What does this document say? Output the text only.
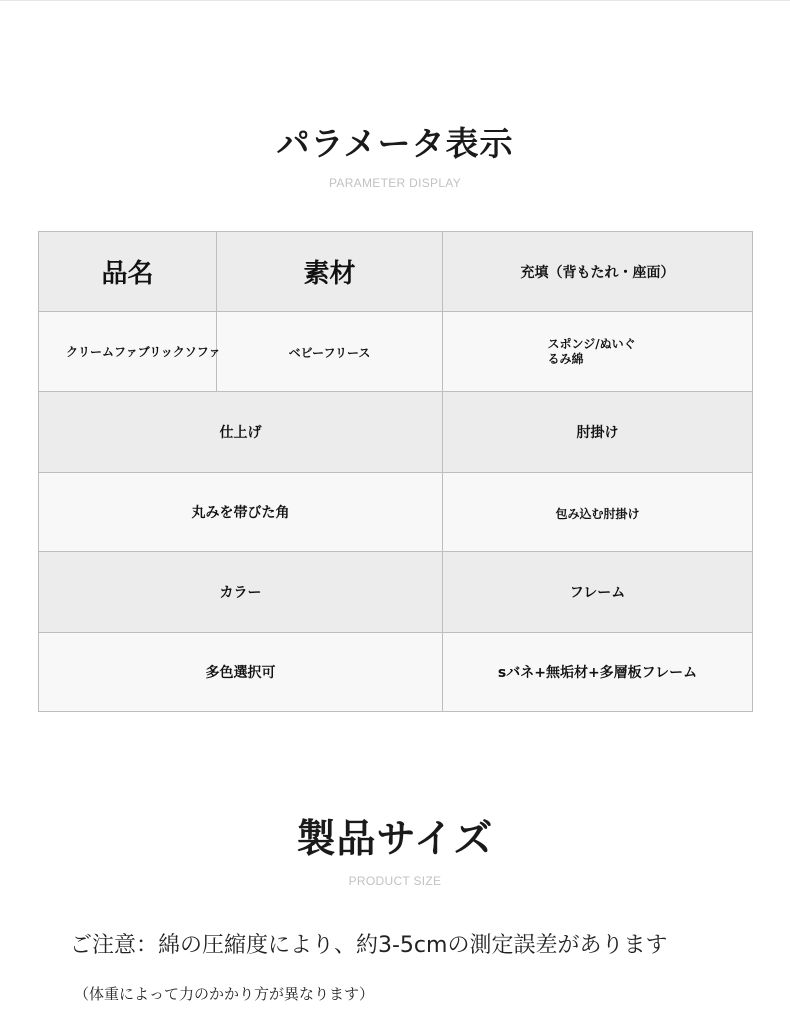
パラメータ表示
PARAMETER DISPLAY
品名	素材	充填（背もたれ・座面）

クリームファブリックソファ	ベビーフリース	スポンジ/ぬいぐるみ綿
仕上げ		肘掛け
丸みを帯びた角		包み込む肘掛け
カラー		フレーム
多色選択可		sバネ+無垢材+多層板フレーム
製品サイズ
PRODUCT SIZE
ご注意：綿の圧縮度により、約3-5cmの測定誤差があります
（体重によって力のかかり方が異なります）
